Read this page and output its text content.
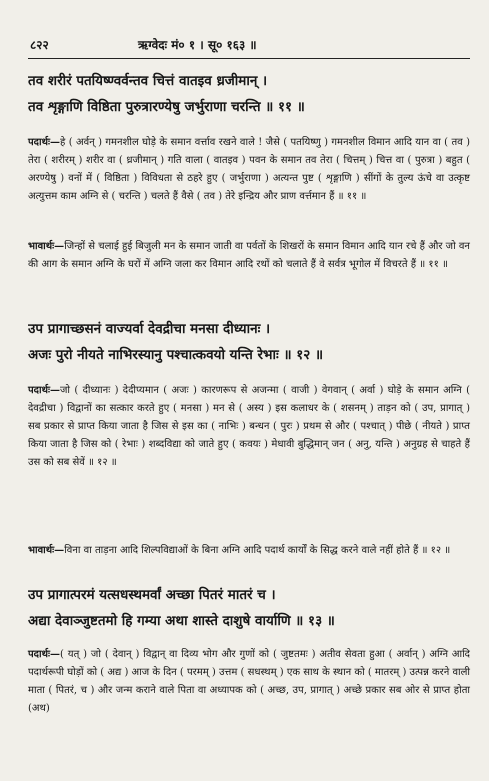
८२२	ऋग्वेदः मं० १ । सू० १६३ ॥
तव शरीरं पतयिष्ण्वर्वन्तव चित्तं वातइव ध्रजीमान् ।
तव शृङ्गाणि विष्ठिता पुरुत्रारण्येषु जर्भुराणा चरन्ति ॥ ११ ॥
पदार्थः—हे ( अर्वन् ) गमनशील घोड़े के समान वर्त्ताव रखने वाले ! जैसे ( पतयिष्णु ) गमनशील विमान आदि यान वा ( तव ) तेरा ( शरीरम् ) शरीर वा ( ध्रजीमान् ) गति वाला ( वातइव ) पवन के समान तव तेरा ( चित्तम् ) चित्त वा ( पुरुत्रा ) बहुत ( अरण्येषु ) वनों में ( विष्ठिता ) विविधता से ठहरे हुए ( जर्भुराणा ) अत्यन्त पुष्ट ( शृङ्गाणि ) सींगों के तुल्य ऊंचे वा उत्कृष्ट अत्युत्तम काम अग्नि से ( चरन्ति ) चलते हैं वैसे ( तव ) तेरे इन्द्रिय और प्राण वर्त्तमान हैं ॥ ११ ॥
भावार्थः—जिन्हों से चलाई हुई बिजुली मन के समान जाती वा पर्वतों के शिखरों के समान विमान आदि यान रचे हैं और जो वन की आग के समान अग्नि के घरों में अग्नि जला कर विमान आदि रथों को चलाते हैं वे सर्वत्र भूगोल में विचरते हैं ॥ ११ ॥
उप प्रागाच्छसनं वाज्यर्वा देवद्रीचा मनसा दीध्यानः ।
अजः पुरो नीयते नाभिरस्यानु पश्चात्कवयो यन्ति रेभाः ॥ १२ ॥
पदार्थः—जो ( दीध्यानः ) देदीप्यमान ( अजः ) कारणरूप से अजन्मा ( वाजी ) वेगवान् ( अर्वा ) घोड़े के समान अग्नि ( देवद्रीचा ) विद्वानों का सत्कार करते हुए ( मनसा ) मन से ( अस्य ) इस कलाधर के ( शसनम् ) ताड़न को ( उप, प्रागात् ) सब प्रकार से प्राप्त किया जाता है जिस से इस का ( नाभिः ) बन्धन ( पुरः ) प्रथम से और ( पश्चात् ) पीछे ( नीयते ) प्राप्त किया जाता है जिस को ( रेभाः ) शब्दविद्या को जाते हुए ( कवयः ) मेधावी बुद्धिमान् जन ( अनु, यन्ति ) अनुग्रह से चाहते हैं उस को सब सेवें ॥ १२ ॥
भावार्थः—विना वा ताड़ना आदि शिल्पविद्याओं के बिना अग्नि आदि पदार्थ कार्यों के सिद्ध करने वाले नहीं होते हैं ॥ १२ ॥
उप प्रागात्परमं यत्सधस्थमर्वां अच्छा पितरं मातरं च ।
अद्या देवाञ्जुष्टतमो हि गम्या अथा शास्ते दाशुषे वार्याणि ॥ १३ ॥
पदार्थः—( यत् ) जो ( देवान् ) विद्वान् वा दिव्य भोग और गुणों को ( जुष्टतमः ) अतीव सेवता हुआ ( अर्वान् ) अग्नि आदि पदार्थरूपी घोड़ों को ( अद्य ) आज के दिन ( परमम् ) उत्तम ( सधस्थम् ) एक साथ के स्थान को ( मातरम् ) उत्पन्न करने वाली माता ( पितरं, च ) और जन्म कराने वाले पिता वा अध्यापक को ( अच्छ, उप, प्रागात् ) अच्छे प्रकार सब ओर से प्राप्त होता (अथ)
